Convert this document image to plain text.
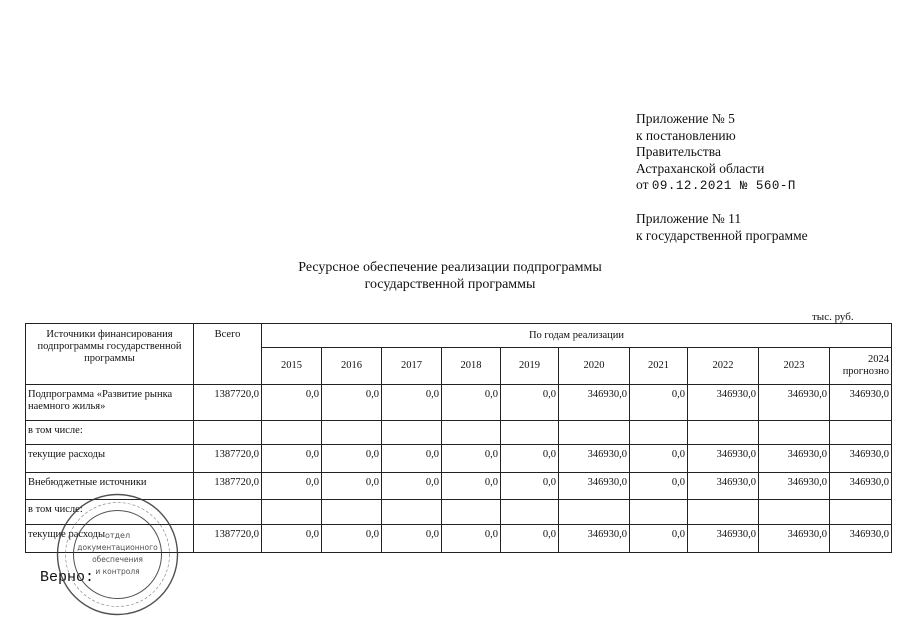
Приложение № 5
к постановлению
Правительства
Астраханской области
от 09.12.2021 № 560-П
Приложение № 11
к государственной программе
Ресурсное обеспечение реализации подпрограммы
государственной программы
тыс. руб.
Источники финансирования подпрограммы государственной программы	Всего	По годам реализации									
		2015	2016	2017	2018	2019	2020	2021	2022	2023	2024 прогнозно
Подпрограмма «Развитие рынка наемного жилья»	1387720,0	0,0	0,0	0,0	0,0	0,0	346930,0	0,0	346930,0	346930,0	346930,0
в том числе:											
текущие расходы	1387720,0	0,0	0,0	0,0	0,0	0,0	346930,0	0,0	346930,0	346930,0	346930,0
Внебюджетные источники	1387720,0	0,0	0,0	0,0	0,0	0,0	346930,0	0,0	346930,0	346930,0	346930,0
в том числе:											
текущие расходы	1387720,0	0,0	0,0	0,0	0,0	0,0	346930,0	0,0	346930,0	346930,0	346930,0
Верно:
отдел
документационного
обеспечения
и контроля
